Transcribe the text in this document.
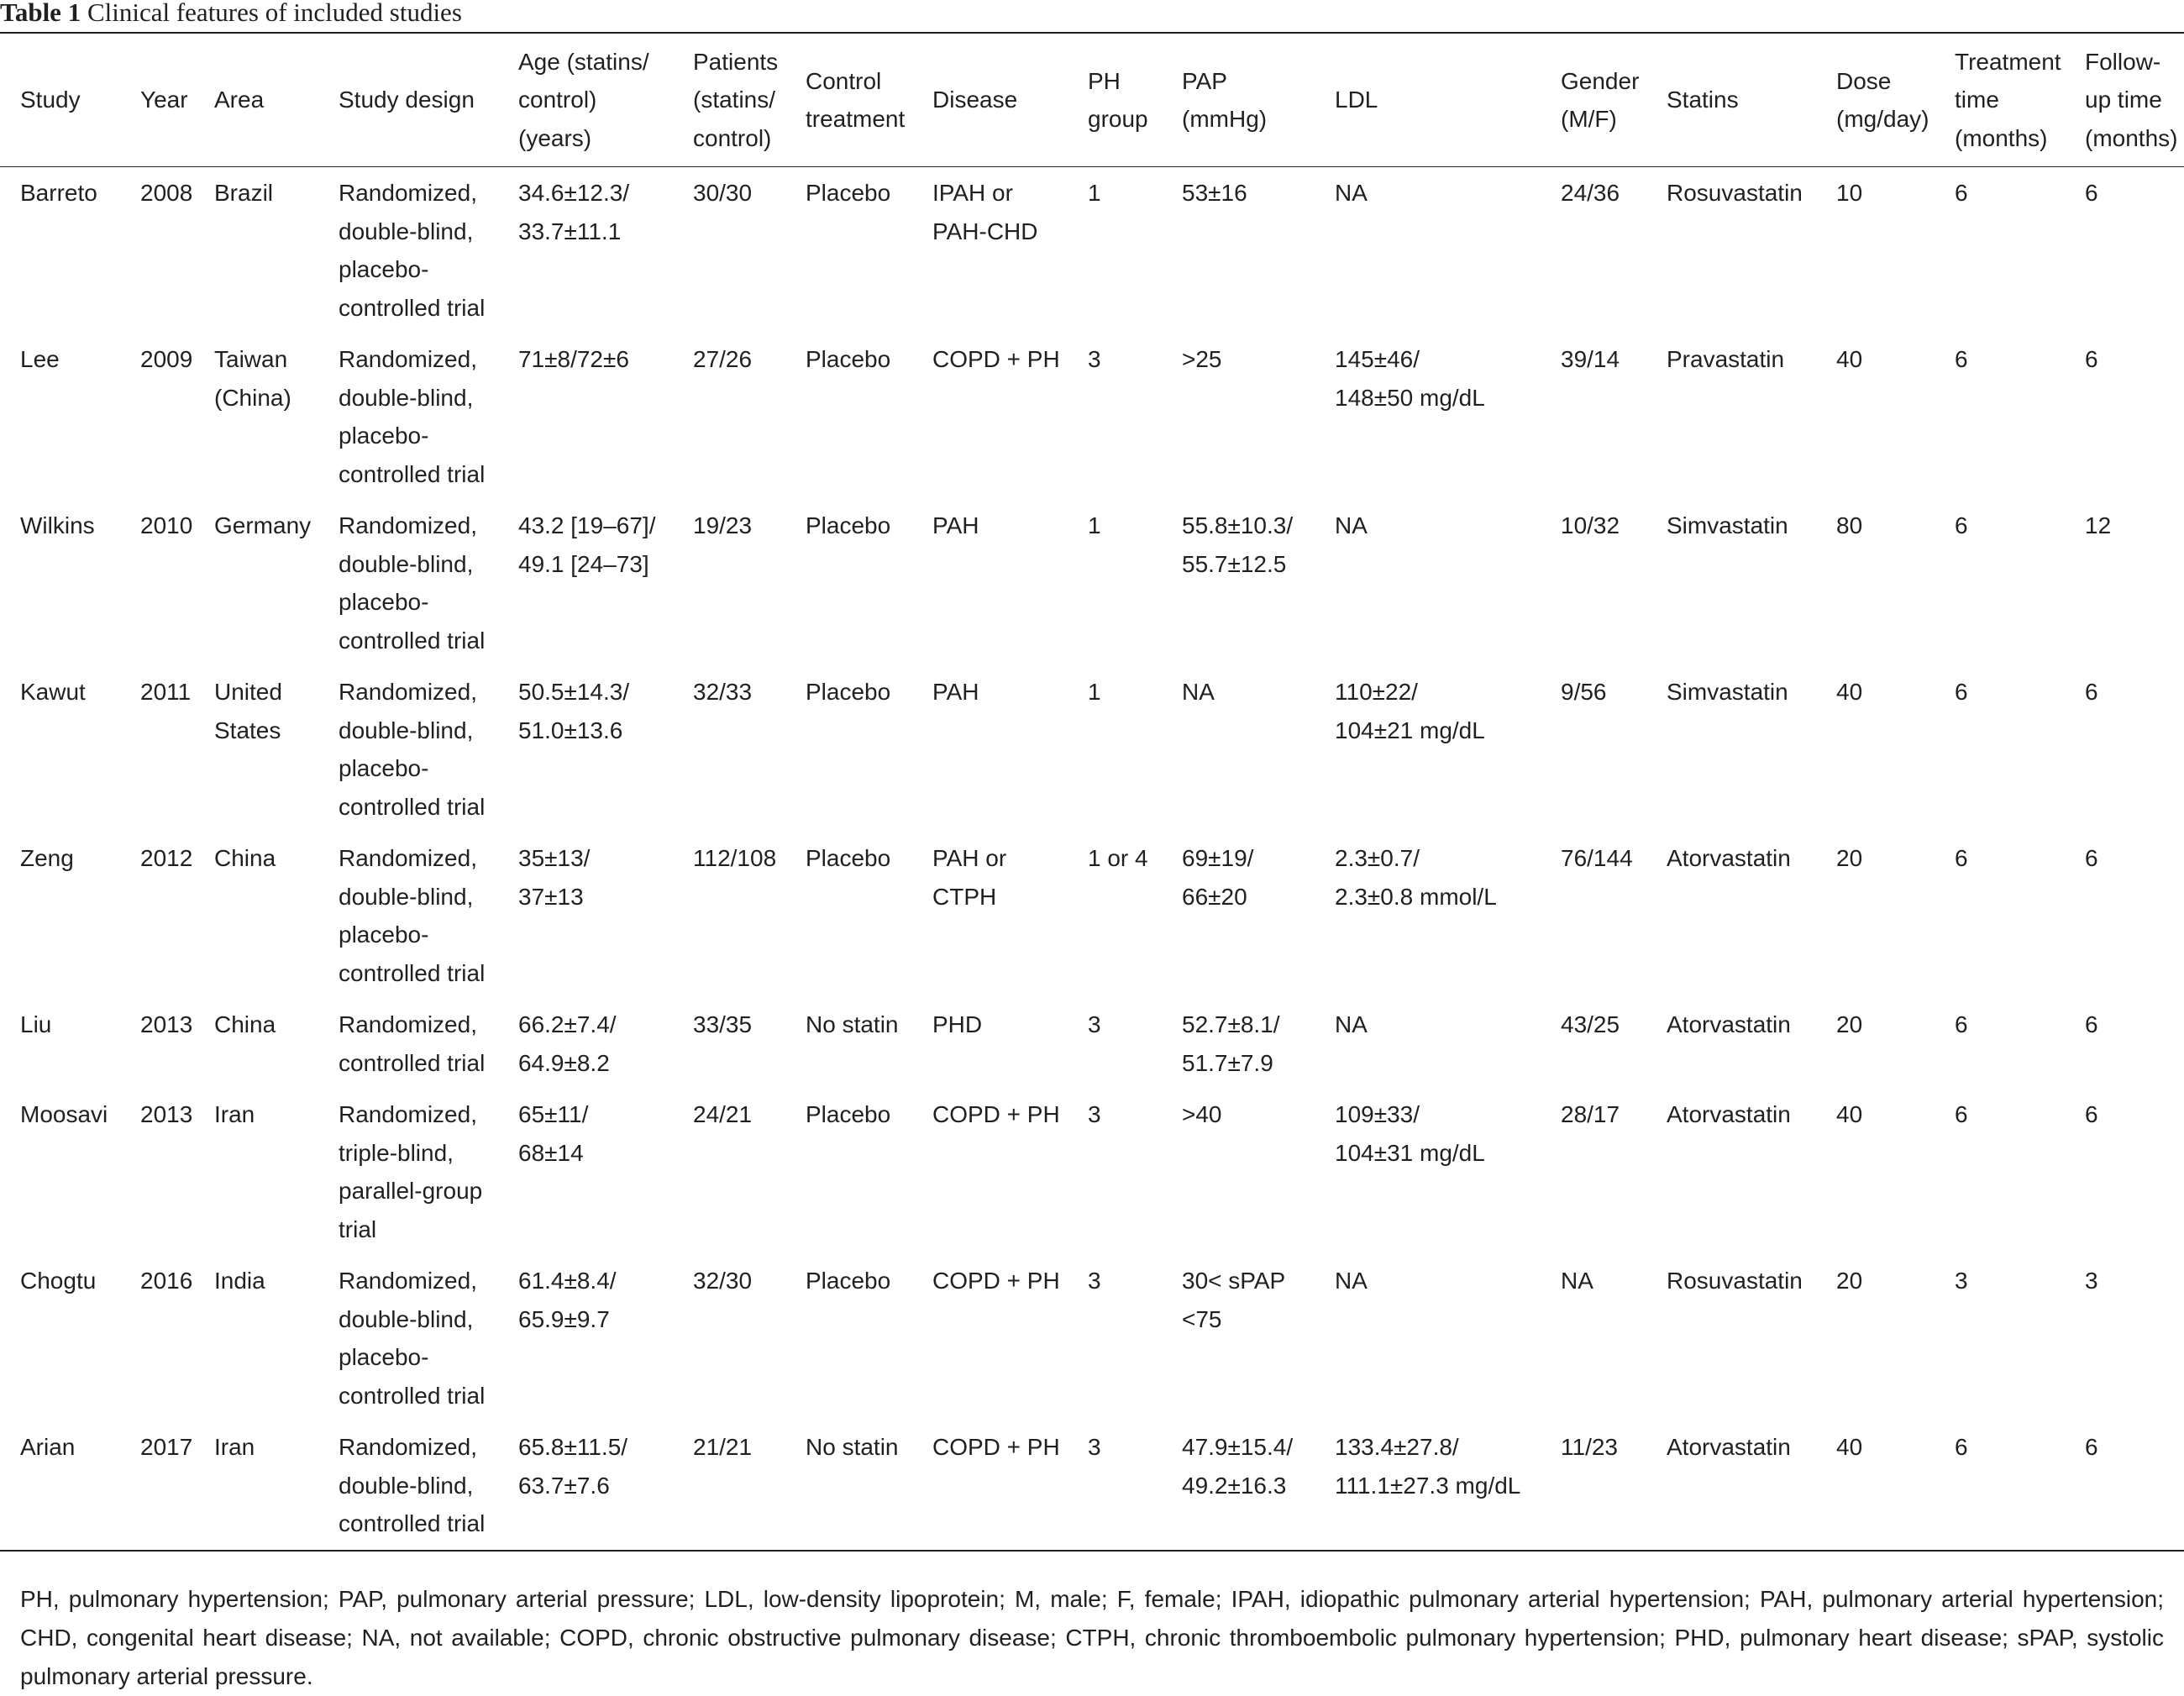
Table 1 Clinical features of included studies
Study	Year	Area	Study design	Age (statins/
control)
(years)	Patients
(statins/
control)	Control
treatment	Disease	PH
group	PAP
(mmHg)	LDL	Gender
(M/F)	Statins	Dose
(mg/day)	Treatment
time
(months)	Follow-
up time
(months)

Barreto	2008	Brazil	Randomized,
double-blind,
placebo-
controlled trial	34.6±12.3/
33.7±11.1	30/30	Placebo	IPAH or
PAH-CHD	1	53±16	NA	24/36	Rosuvastatin	10	6	6

Lee	2009	Taiwan
(China)	Randomized,
double-blind,
placebo-
controlled trial	71±8/72±6	27/26	Placebo	COPD + PH	3	>25	145±46/
148±50 mg/dL	39/14	Pravastatin	40	6	6

Wilkins	2010	Germany	Randomized,
double-blind,
placebo-
controlled trial	43.2 [19–67]/
49.1 [24–73]	19/23	Placebo	PAH	1	55.8±10.3/
55.7±12.5	NA	10/32	Simvastatin	80	6	12

Kawut	2011	United
States	Randomized,
double-blind,
placebo-
controlled trial	50.5±14.3/
51.0±13.6	32/33	Placebo	PAH	1	NA	110±22/
104±21 mg/dL	9/56	Simvastatin	40	6	6

Zeng	2012	China	Randomized,
double-blind,
placebo-
controlled trial	35±13/
37±13	112/108	Placebo	PAH or
CTPH	1 or 4	69±19/
66±20	2.3±0.7/
2.3±0.8 mmol/L	76/144	Atorvastatin	20	6	6

Liu	2013	China	Randomized,
controlled trial	66.2±7.4/
64.9±8.2	33/35	No statin	PHD	3	52.7±8.1/
51.7±7.9	NA	43/25	Atorvastatin	20	6	6

Moosavi	2013	Iran	Randomized,
triple-blind,
parallel-group
trial	65±11/
68±14	24/21	Placebo	COPD + PH	3	>40	109±33/
104±31 mg/dL	28/17	Atorvastatin	40	6	6

Chogtu	2016	India	Randomized,
double-blind,
placebo-
controlled trial	61.4±8.4/
65.9±9.7	32/30	Placebo	COPD + PH	3	30< sPAP
<75	NA	NA	Rosuvastatin	20	3	3

Arian	2017	Iran	Randomized,
double-blind,
controlled trial	65.8±11.5/
63.7±7.6	21/21	No statin	COPD + PH	3	47.9±15.4/
49.2±16.3	133.4±27.8/
111.1±27.3 mg/dL	11/23	Atorvastatin	40	6	6
PH, pulmonary hypertension; PAP, pulmonary arterial pressure; LDL, low-density lipoprotein; M, male; F, female; IPAH, idiopathic pulmonary arterial hypertension; PAH, pulmonary arterial hypertension; CHD, congenital heart disease; NA, not available; COPD, chronic obstructive pulmonary disease; CTPH, chronic thromboembolic pulmonary hypertension; PHD, pulmonary heart disease; sPAP, systolic pulmonary arterial pressure.
